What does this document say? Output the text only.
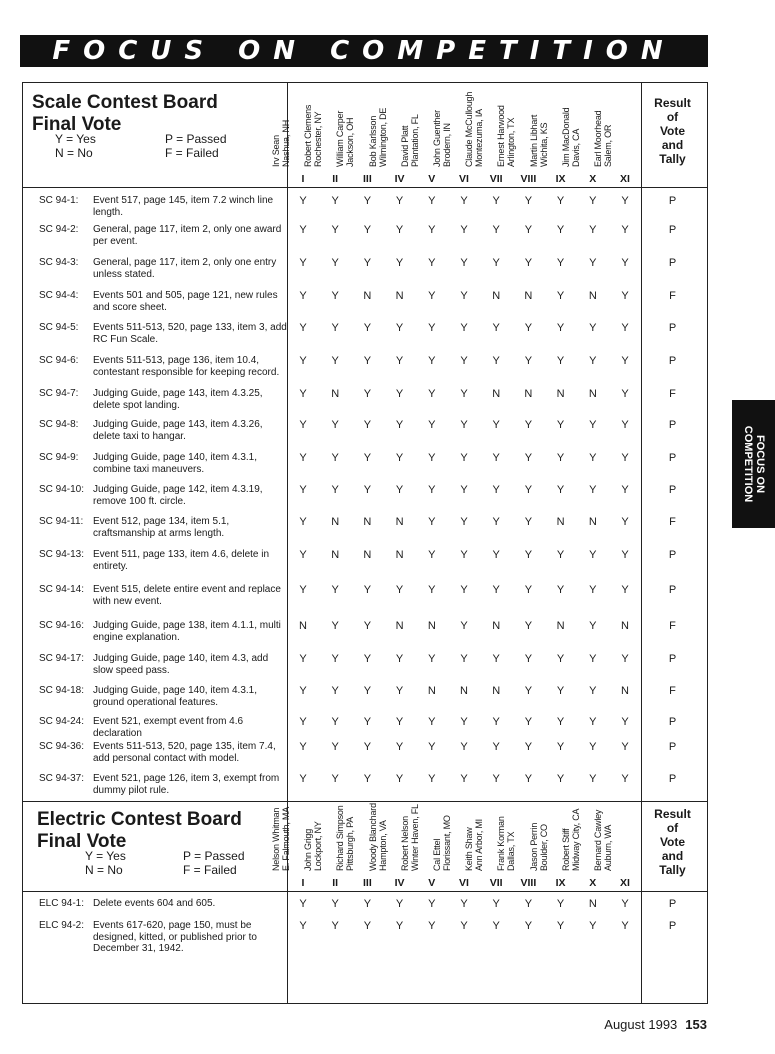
FOCUS ON COMPETITION
FOCUS ON
COMPETITION
Scale Contest Board
Final Vote
Y = Yes
N = No
P = Passed
F = Failed	Irv Sean Nashua, NH
I
Robert Clemens Rochester, NY
II
William Carper Jackson, OH
III
Bob Karlsson Wilmington, DE
IV
David Platt Plantation, FL
V
John Guenther Brodern, IN
VI
Claude McCullough Montezuma, IA
VII
Ernest Harwood Arlington, TX
VIII
Martin Libhart Wichita, KS
IX
Jim MacDonald Davis, CA
X
Earl Moorhead Salem, OR
XI
Result
of
Vote
and
Tally
SC 94-1:	Event 517, page 145, item 7.2 winch line length.
Y	Y	Y	Y	Y	Y	Y	Y	Y	Y	Y	P
SC 94-2:	General, page 117, item 2, only one award per event.
Y	Y	Y	Y	Y	Y	Y	Y	Y	Y	Y	P
SC 94-3:	General, page 117, item 2, only one entry unless stated.
Y	Y	Y	Y	Y	Y	Y	Y	Y	Y	Y	P
SC 94-4:	Events 501 and 505, page 121, new rules and score sheet.
Y	Y	N	N	Y	Y	N	N	Y	N	Y	F
SC 94-5:	Events 511-513, 520, page 133, item 3, add RC Fun Scale.
Y	Y	Y	Y	Y	Y	Y	Y	Y	Y	Y	P
SC 94-6:	Events 511-513, page 136, item 10.4, contestant responsible for keeping record.
Y	Y	Y	Y	Y	Y	Y	Y	Y	Y	Y	P
SC 94-7:	Judging Guide, page 143, item 4.3.25, delete spot landing.
Y	N	Y	Y	Y	Y	N	N	N	N	Y	F
SC 94-8:	Judging Guide, page 143, item 4.3.26, delete taxi to hangar.
Y	Y	Y	Y	Y	Y	Y	Y	Y	Y	Y	P
SC 94-9:	Judging Guide, page 140, item 4.3.1, combine taxi maneuvers.
Y	Y	Y	Y	Y	Y	Y	Y	Y	Y	Y	P
SC 94-10: Judging Guide, page 142, item 4.3.19, remove 100 ft. circle.
Y	Y	Y	Y	Y	Y	Y	Y	Y	Y	Y	P
SC 94-11: Event 512, page 134, item 5.1, craftsmanship at arms length.
Y	N	N	N	Y	Y	Y	Y	N	N	Y	F
SC 94-13: Event 511, page 133, item 4.6, delete in entirety.
Y	N	N	N	Y	Y	Y	Y	Y	Y	Y	P
SC 94-14: Event 515, delete entire event and replace with new event.
Y	Y	Y	Y	Y	Y	Y	Y	Y	Y	Y	P
SC 94-16: Judging Guide, page 138, item 4.1.1, multi engine explanation.
N	Y	Y	N	N	Y	N	Y	N	Y	N	F
SC 94-17: Judging Guide, page 140, item 4.3, add slow speed pass.
Y	Y	Y	Y	Y	Y	Y	Y	Y	Y	Y	P
SC 94-18: Judging Guide, page 140, item 4.3.1, ground operational features.
Y	Y	Y	Y	N	N	N	Y	Y	Y	N	F
SC 94-24: Event 521, exempt event from 4.6 declaration
Y	Y	Y	Y	Y	Y	Y	Y	Y	Y	Y	P
SC 94-36: Events 511-513, 520, page 135, item 7.4, add personal contact with model.
Y	Y	Y	Y	Y	Y	Y	Y	Y	Y	Y	P
SC 94-37: Event 521, page 126, item 3, exempt from dummy pilot rule.
Y	Y	Y	Y	Y	Y	Y	Y	Y	Y	Y	P
Electric Contest Board
Final Vote
Y = Yes
N = No
P = Passed
F = Failed	Nelson Whitman E. Falmouth, MA
I
John Grigg Lockport, NY
II
Richard Simpson Pittsburgh, PA
III
Woody Blanchard Hampton, VA
IV
Robert Nelson Winter Haven, FL
V
Cal Ettel Florissant, MO
VI
Keith Shaw Ann Arbor, MI
VII
Frank Korman Dallas, TX
VIII
Jason Perrin Boulder, CO
IX
Robert Stiff Midway City, CA
X
Bernard Cawley Auburn, WA
XI
Result
of
Vote
and
Tally
ELC 94-1: Delete events 604 and 605.	Y	Y	Y	Y	Y	Y	Y	Y	Y	N	Y	P
ELC 94-2: Events 617-620, page 150, must be designed, kitted, or published prior to December 31, 1942.
Y	Y	Y	Y	Y	Y	Y	Y	Y	Y	Y	P
August 1993 153
